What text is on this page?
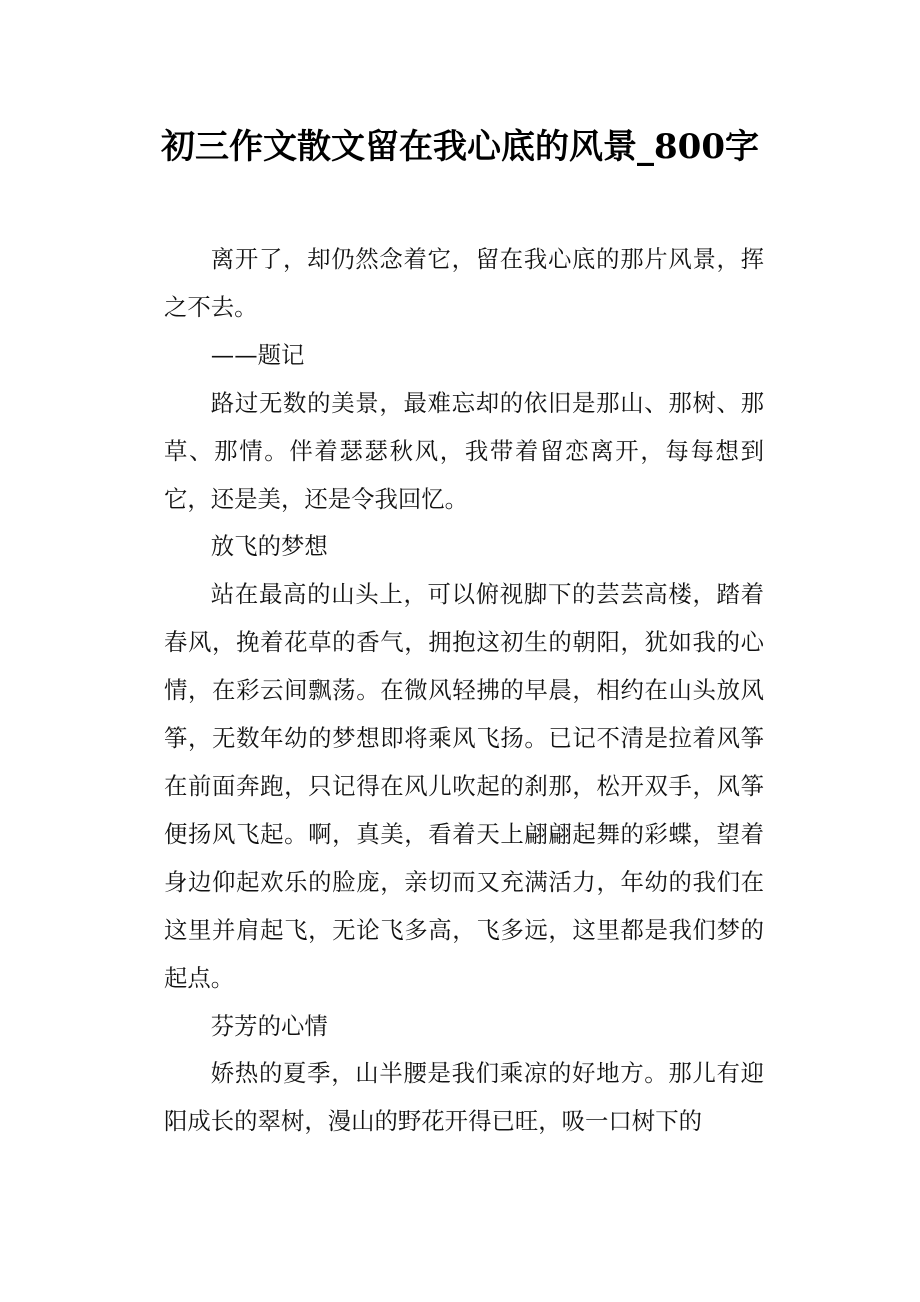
初三作文散文留在我心底的风景_800字

离开了，却仍然念着它，留在我心底的那片风景，挥之不去。

——题记

路过无数的美景，最难忘却的依旧是那山、那树、那草、那情。伴着瑟瑟秋风，我带着留恋离开，每每想到它，还是美，还是令我回忆。

放飞的梦想

站在最高的山头上，可以俯视脚下的芸芸高楼，踏着春风，挽着花草的香气，拥抱这初生的朝阳，犹如我的心情，在彩云间飘荡。在微风轻拂的早晨，相约在山头放风筝，无数年幼的梦想即将乘风飞扬。已记不清是拉着风筝在前面奔跑，只记得在风儿吹起的刹那，松开双手，风筝便扬风飞起。啊，真美，看着天上翩翩起舞的彩蝶，望着身边仰起欢乐的脸庞，亲切而又充满活力，年幼的我们在这里并肩起飞，无论飞多高，飞多远，这里都是我们梦的起点。

芬芳的心情

娇热的夏季，山半腰是我们乘凉的好地方。那儿有迎阳成长的翠树，漫山的野花开得已旺，吸一口树下的
